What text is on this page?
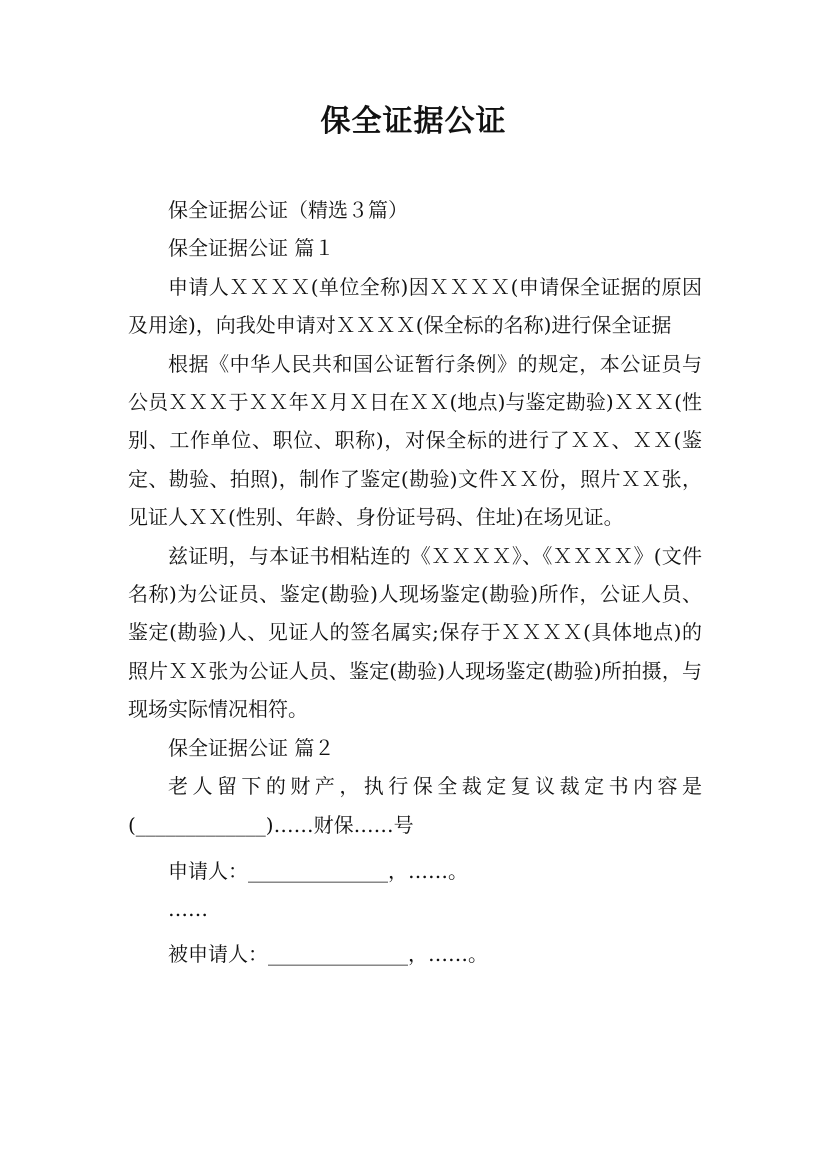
保全证据公证

保全证据公证（精选３篇）

保全证据公证 篇１

申请人ＸＸＸＸ(单位全称)因ＸＸＸＸ(申请保全证据的原因及用途)，向我处申请对ＸＸＸＸ(保全标的名称)进行保全证据

根据《中华人民共和国公证暂行条例》的规定，本公证员与公员ＸＸＸ于ＸＸ年Ｘ月Ｘ日在ＸＸ(地点)与鉴定勘验)ＸＸＸ(性别、工作单位、职位、职称)，对保全标的进行了ＸＸ、ＸＸ(鉴定、勘验、拍照)，制作了鉴定(勘验)文件ＸＸ份，照片ＸＸ张，见证人ＸＸ(性别、年龄、身份证号码、住址)在场见证。

兹证明，与本证书相粘连的《ＸＸＸＸ》、《ＸＸＸＸ》(文件名称)为公证员、鉴定(勘验)人现场鉴定(勘验)所作，公证人员、鉴定(勘验)人、见证人的签名属实;保存于ＸＸＸＸ(具体地点)的照片ＸＸ张为公证人员、鉴定(勘验)人现场鉴定(勘验)所拍摄，与现场实际情况相符。

保全证据公证 篇２

老人留下的财产，执行保全裁定复议裁定书内容是(_____________)……财保……号

申请人：______________，……。

……

被申请人：______________，……。
